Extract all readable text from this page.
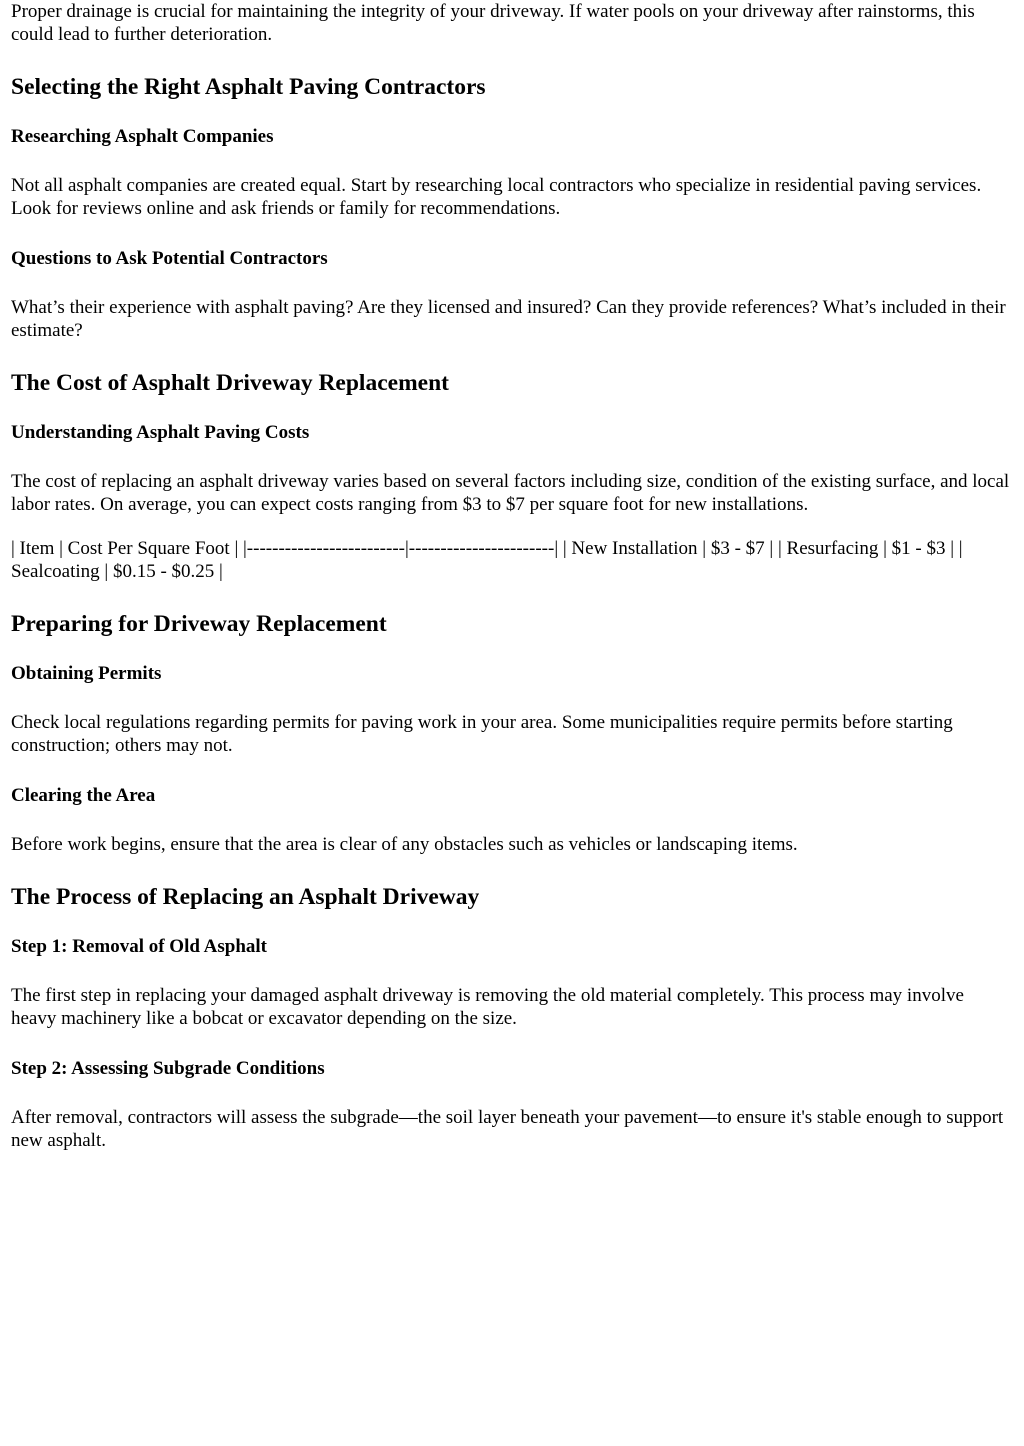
Proper drainage is crucial for maintaining the integrity of your driveway. If water pools on your driveway after rainstorms, this could lead to further deterioration.

Selecting the Right Asphalt Paving Contractors
Researching Asphalt Companies

Not all asphalt companies are created equal. Start by researching local contractors who specialize in residential paving services. Look for reviews online and ask friends or family for recommendations.

Questions to Ask Potential Contractors

What’s their experience with asphalt paving? Are they licensed and insured? Can they provide references? What’s included in their estimate?

The Cost of Asphalt Driveway Replacement
Understanding Asphalt Paving Costs

The cost of replacing an asphalt driveway varies based on several factors including size, condition of the existing surface, and local labor rates. On average, you can expect costs ranging from $3 to $7 per square foot for new installations.

| Item | Cost Per Square Foot | |-------------------------|-----------------------| | New Installation | $3 - $7 | | Resurfacing | $1 - $3 | | Sealcoating | $0.15 - $0.25 |

Preparing for Driveway Replacement
Obtaining Permits

Check local regulations regarding permits for paving work in your area. Some municipalities require permits before starting construction; others may not.

Clearing the Area

Before work begins, ensure that the area is clear of any obstacles such as vehicles or landscaping items.

The Process of Replacing an Asphalt Driveway
Step 1: Removal of Old Asphalt

The first step in replacing your damaged asphalt driveway is removing the old material completely. This process may involve heavy machinery like a bobcat or excavator depending on the size.

Step 2: Assessing Subgrade Conditions

After removal, contractors will assess the subgrade—the soil layer beneath your pavement—to ensure it's stable enough to support new asphalt.
